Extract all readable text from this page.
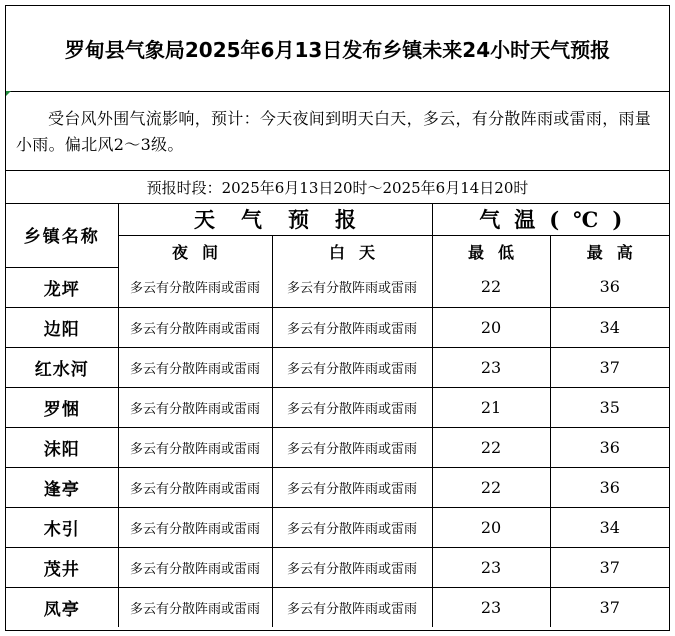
罗甸县气象局2025年6月13日发布乡镇未来24小时天气预报

受台风外围气流影响，预计：今天夜间到明天白天，多云，有分散阵雨或雷雨，雨量小雨。偏北风2～3级。

预报时段：2025年6月13日20时～2025年6月14日20时
乡镇名称	天气预报		气温(℃)	
	夜间	白天	最低	最高
龙坪	多云有分散阵雨或雷雨	多云有分散阵雨或雷雨	22	36
边阳	多云有分散阵雨或雷雨	多云有分散阵雨或雷雨	20	34
红水河	多云有分散阵雨或雷雨	多云有分散阵雨或雷雨	23	37
罗悃	多云有分散阵雨或雷雨	多云有分散阵雨或雷雨	21	35
沫阳	多云有分散阵雨或雷雨	多云有分散阵雨或雷雨	22	36
逢亭	多云有分散阵雨或雷雨	多云有分散阵雨或雷雨	22	36
木引	多云有分散阵雨或雷雨	多云有分散阵雨或雷雨	20	34
茂井	多云有分散阵雨或雷雨	多云有分散阵雨或雷雨	23	37
凤亭	多云有分散阵雨或雷雨	多云有分散阵雨或雷雨	23	37
